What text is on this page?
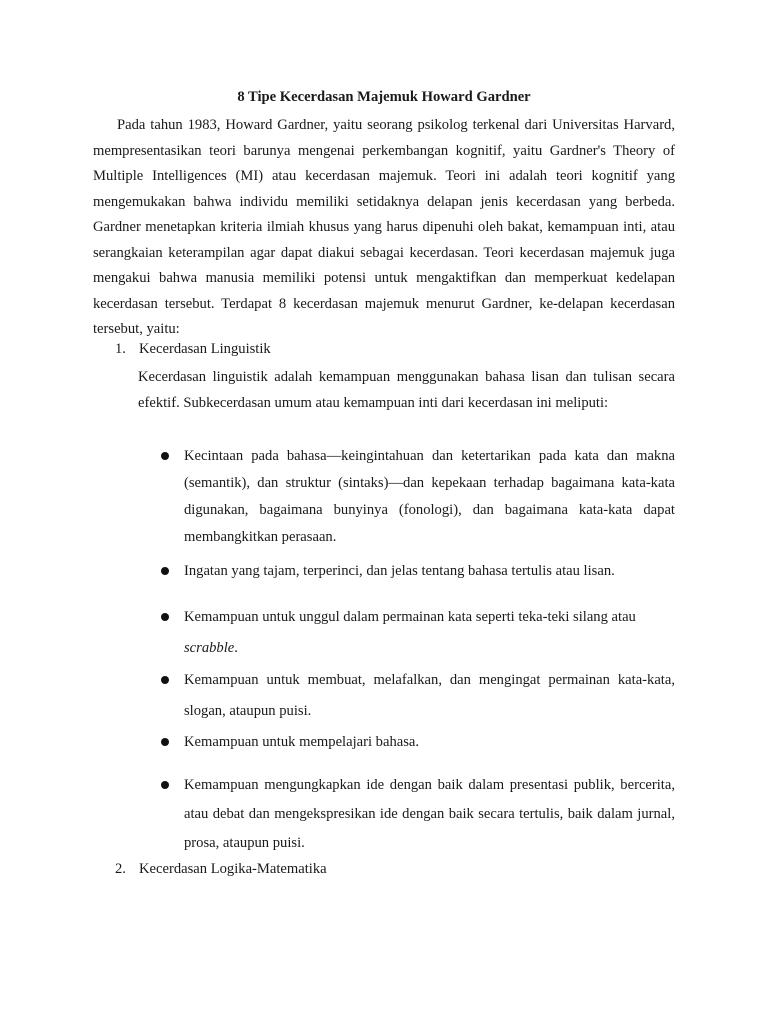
8 Tipe Kecerdasan Majemuk Howard Gardner

Pada tahun 1983, Howard Gardner, yaitu seorang psikolog terkenal dari Universitas Harvard, mempresentasikan teori barunya mengenai perkembangan kognitif, yaitu Gardner's Theory of Multiple Intelligences (MI) atau kecerdasan majemuk. Teori ini adalah teori kognitif yang mengemukakan bahwa individu memiliki setidaknya delapan jenis kecerdasan yang berbeda. Gardner menetapkan kriteria ilmiah khusus yang harus dipenuhi oleh bakat, kemampuan inti, atau serangkaian keterampilan agar dapat diakui sebagai kecerdasan. Teori kecerdasan majemuk juga mengakui bahwa manusia memiliki potensi untuk mengaktifkan dan memperkuat kedelapan kecerdasan tersebut. Terdapat 8 kecerdasan majemuk menurut Gardner, ke-delapan kecerdasan tersebut, yaitu:

1. Kecerdasan Linguistik

Kecerdasan linguistik adalah kemampuan menggunakan bahasa lisan dan tulisan secara efektif. Subkecerdasan umum atau kemampuan inti dari kecerdasan ini meliputi:

Kecintaan pada bahasa—keingintahuan dan ketertarikan pada kata dan makna (semantik), dan struktur (sintaks)—dan kepekaan terhadap bagaimana kata-kata digunakan, bagaimana bunyinya (fonologi), dan bagaimana kata-kata dapat membangkitkan perasaan.
Ingatan yang tajam, terperinci, dan jelas tentang bahasa tertulis atau lisan.
Kemampuan untuk unggul dalam permainan kata seperti teka-teki silang atau
scrabble.
Kemampuan untuk membuat, melafalkan, dan mengingat permainan kata-kata, slogan, ataupun puisi.
Kemampuan untuk mempelajari bahasa.
Kemampuan mengungkapkan ide dengan baik dalam presentasi publik, bercerita, atau debat dan mengekspresikan ide dengan baik secara tertulis, baik dalam jurnal, prosa, ataupun puisi.
2. Kecerdasan Logika-Matematika
